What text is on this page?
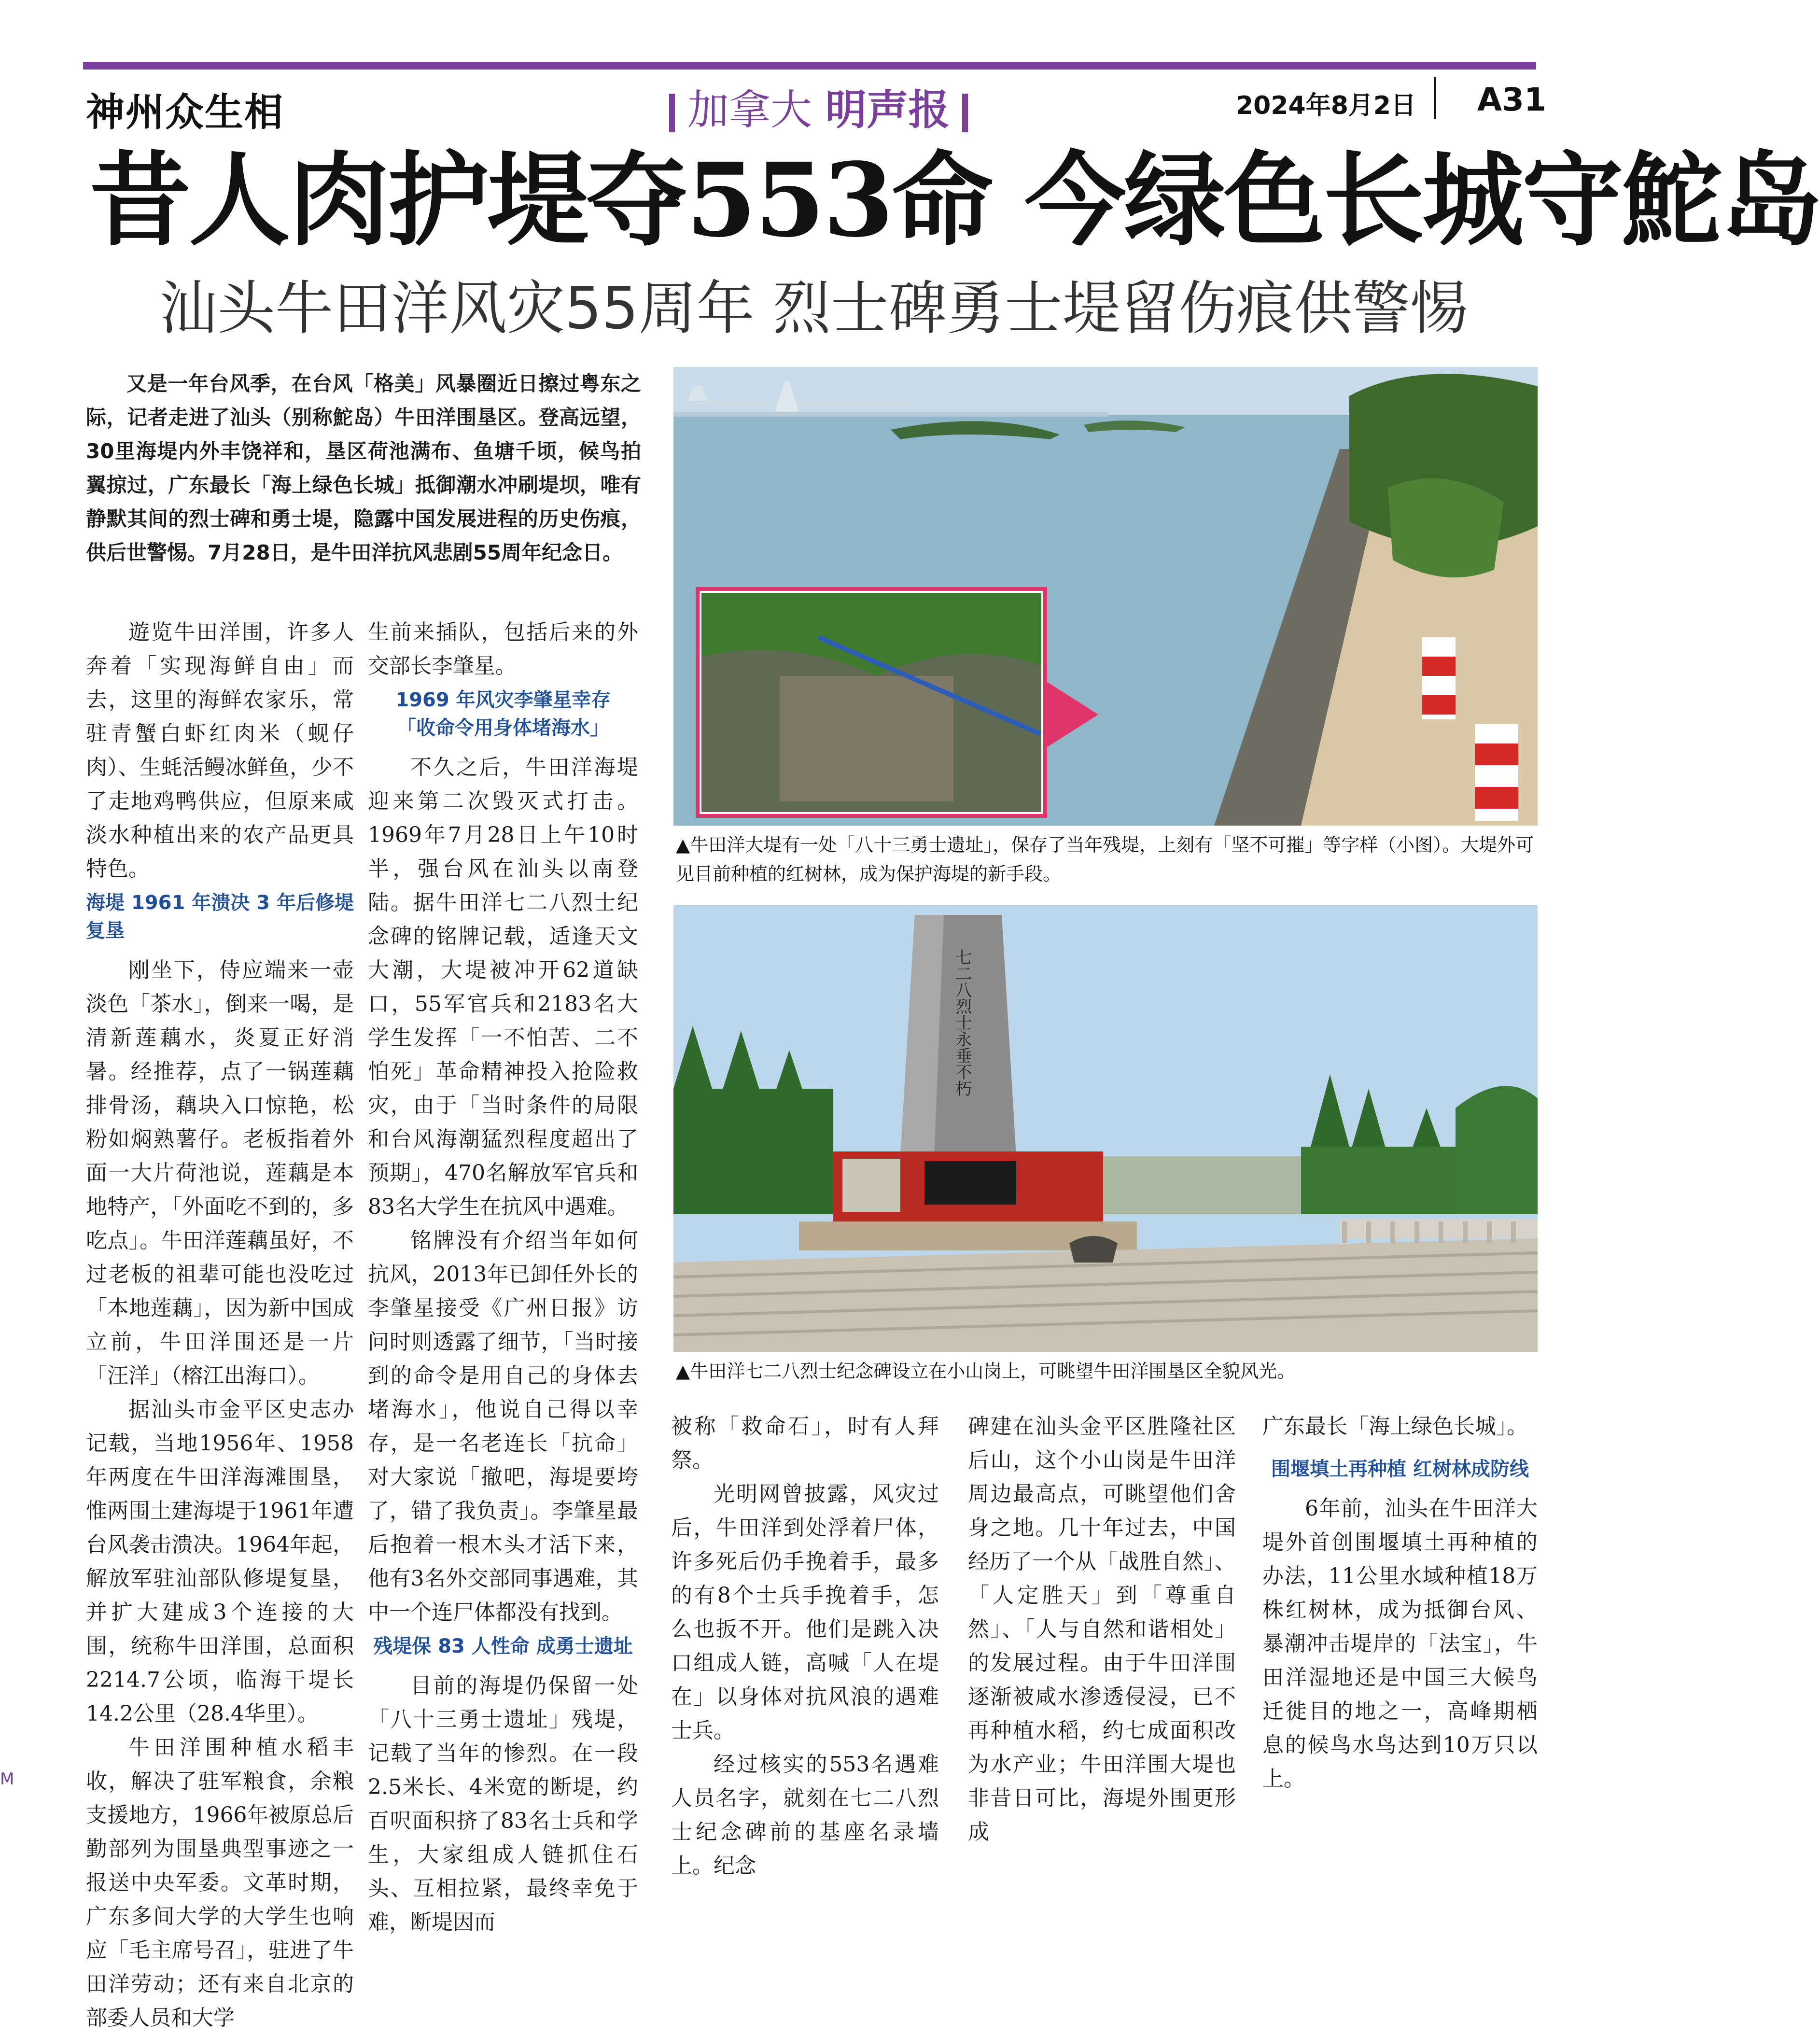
神州众生相	加拿大 明声报	2024年8月2日 A31
昔人肉护堤夺553命 今绿色长城守鮀岛
汕头牛田洋风灾55周年 烈士碑勇士堤留伤痕供警惕
又是一年台风季，在台风「格美」风暴圈近日擦过粤东之际，记者走进了汕头（别称鮀岛）牛田洋围垦区。登高远望，30里海堤内外丰饶祥和，垦区荷池满布、鱼塘千顷，候鸟拍翼掠过，广东最长「海上绿色长城」抵御潮水冲刷堤坝，唯有静默其间的烈士碑和勇士堤，隐露中国发展进程的历史伤痕，供后世警惕。7月28日，是牛田洋抗风悲剧55周年纪念日。

遊览牛田洋围，许多人奔着「实现海鲜自由」而去，这里的海鲜农家乐，常驻青蟹白虾红肉米（蚬仔肉）、生蚝活鳗冰鲜鱼，少不了走地鸡鸭供应，但原来咸淡水种植出来的农产品更具特色。

海堤 1961 年溃决 3 年后修堤复垦

刚坐下，侍应端来一壶淡色「茶水」，倒来一喝，是清新莲藕水，炎夏正好消暑。经推荐，点了一锅莲藕排骨汤，藕块入口惊艳，松粉如焖熟薯仔。老板指着外面一大片荷池说，莲藕是本地特产，「外面吃不到的，多吃点」。牛田洋莲藕虽好，不过老板的祖辈可能也没吃过「本地莲藕」，因为新中国成立前，牛田洋围还是一片「汪洋」（榕江出海口）。

据汕头市金平区史志办记载，当地1956年、1958年两度在牛田洋海滩围垦，惟两围土建海堤于1961年遭台风袭击溃决。1964年起，解放军驻汕部队修堤复垦，并扩大建成3个连接的大围，统称牛田洋围，总面积2214.7公顷，临海干堤长14.2公里（28.4华里）。

牛田洋围种植水稻丰收，解决了驻军粮食，余粮支援地方，1966年被原总后勤部列为围垦典型事迹之一报送中央军委。文革时期，广东多间大学的大学生也响应「毛主席号召」，驻进了牛田洋劳动；还有来自北京的部委人员和大学

生前来插队，包括后来的外交部长李肇星。

1969 年风灾李肇星幸存
「收命令用身体堵海水」

不久之后，牛田洋海堤迎来第二次毁灭式打击。1969年7月28日上午10时半，强台风在汕头以南登陆。据牛田洋七二八烈士纪念碑的铭牌记载，适逢天文大潮，大堤被冲开62道缺口，55军官兵和2183名大学生发挥「一不怕苦、二不怕死」革命精神投入抢险救灾，由于「当时条件的局限和台风海潮猛烈程度超出了预期」，470名解放军官兵和83名大学生在抗风中遇难。

铭牌没有介绍当年如何抗风，2013年已卸任外长的李肇星接受《广州日报》访问时则透露了细节，「当时接到的命令是用自己的身体去堵海水」，他说自己得以幸存，是一名老连长「抗命」对大家说「撤吧，海堤要垮了，错了我负责」。李肇星最后抱着一根木头才活下来，他有3名外交部同事遇难，其中一个连尸体都没有找到。

残堤保 83 人性命 成勇士遗址

目前的海堤仍保留一处「八十三勇士遗址」残堤，记载了当年的惨烈。在一段2.5米长、4米宽的断堤，约百呎面积挤了83名士兵和学生，大家组成人链抓住石头、互相拉紧，最终幸免于难，断堤因而

▲牛田洋大堤有一处「八十三勇士遗址」，保存了当年残堤，上刻有「坚不可摧」等字样（小图）。大堤外可见目前种植的红树林，成为保护海堤的新手段。
七二八烈士永垂不朽
▲牛田洋七二八烈士纪念碑设立在小山岗上，可眺望牛田洋围垦区全貌风光。

被称「救命石」，时有人拜祭。

光明网曾披露，风灾过后，牛田洋到处浮着尸体，许多死后仍手挽着手，最多的有8个士兵手挽着手，怎么也扳不开。他们是跳入决口组成人链，高喊「人在堤在」以身体对抗风浪的遇难士兵。

经过核实的553名遇难人员名字，就刻在七二八烈士纪念碑前的基座名录墙上。纪念

碑建在汕头金平区胜隆社区后山，这个小山岗是牛田洋周边最高点，可眺望他们舍身之地。几十年过去，中国经历了一个从「战胜自然」、「人定胜天」到「尊重自然」、「人与自然和谐相处」的发展过程。由于牛田洋围逐渐被咸水渗透侵浸，已不再种植水稻，约七成面积改为水产业；牛田洋围大堤也非昔日可比，海堤外围更形成

广东最长「海上绿色长城」。

围堰填土再种植 红树林成防线

6年前，汕头在牛田洋大堤外首创围堰填土再种植的办法，11公里水域种植18万株红树林，成为抵御台风、暴潮冲击堤岸的「法宝」，牛田洋湿地还是中国三大候鸟迁徙目的地之一，高峰期栖息的候鸟水鸟达到10万只以上。

M
